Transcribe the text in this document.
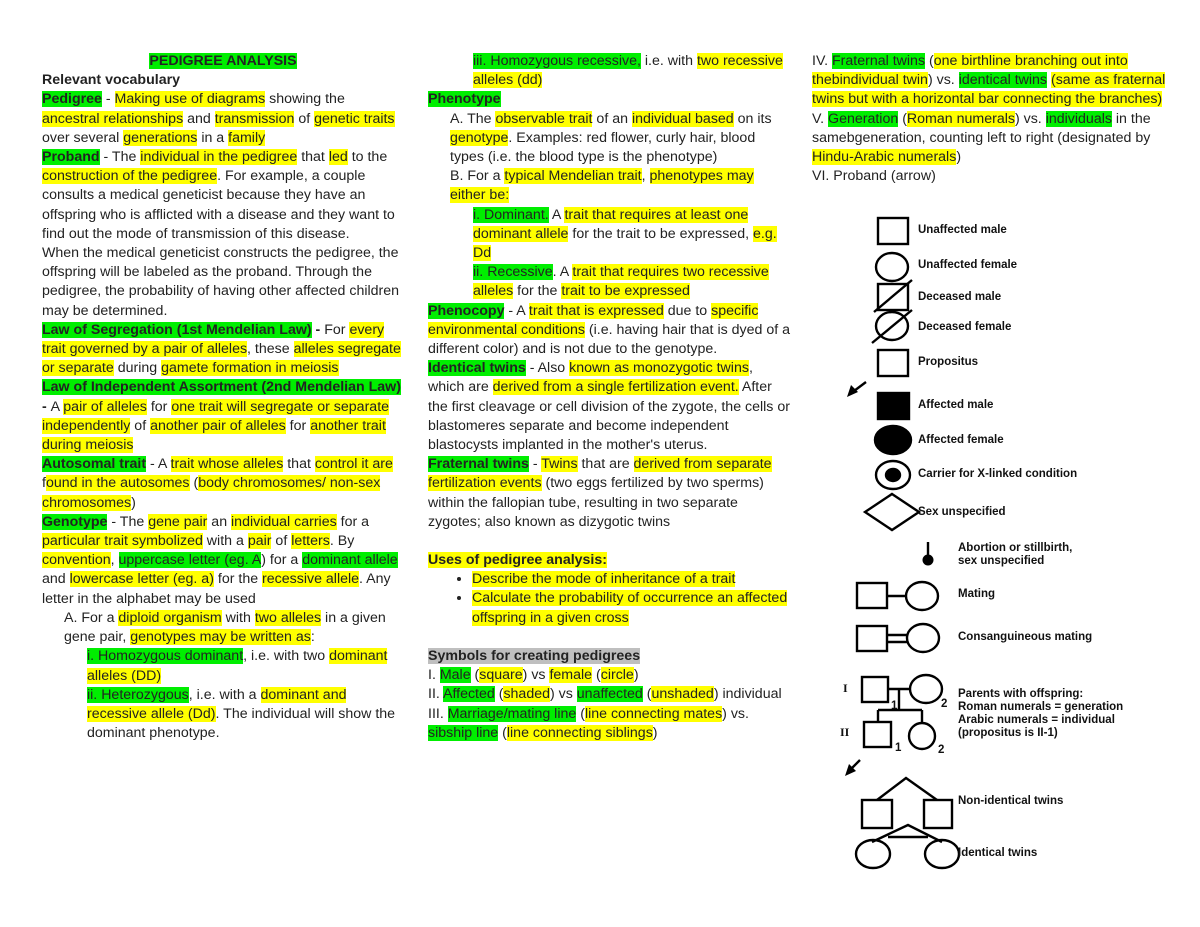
PEDIGREE ANALYSIS

Relevant vocabulary

Pedigree - Making use of diagrams showing the ancestral relationships and transmission of genetic traits over several generations in a family

Proband - The individual in the pedigree that led to the construction of the pedigree. For example, a couple consults a medical geneticist because they have an offspring who is afflicted with a disease and they want to find out the mode of transmission of this disease.

When the medical geneticist constructs the pedigree, the offspring will be labeled as the proband. Through the pedigree, the probability of having other affected children may be determined.

Law of Segregation (1st Mendelian Law) - For every trait governed by a pair of alleles, these alleles segregate or separate during gamete formation in meiosis

Law of Independent Assortment (2nd Mendelian Law) - A pair of alleles for one trait will segregate or separate independently of another pair of alleles for another trait during meiosis

Autosomal trait - A trait whose alleles that control it are found in the autosomes (body chromosomes/ non-sex chromosomes)

Genotype - The gene pair an individual carries for a particular trait symbolized with a pair of letters. By convention, uppercase letter (eg. A) for a dominant allele and lowercase letter (eg. a) for the recessive allele. Any letter in the alphabet may be used

A. For a diploid organism with two alleles in a given gene pair, genotypes may be written as:

i. Homozygous dominant, i.e. with two dominant alleles (DD)

ii. Heterozygous, i.e. with a dominant and recessive allele (Dd). The individual will show the dominant phenotype.

iii. Homozygous recessive, i.e. with two recessive alleles (dd)

Phenotype

A. The observable trait of an individual based on its genotype. Examples: red flower, curly hair, blood types (i.e. the blood type is the phenotype)

B. For a typical Mendelian trait, phenotypes may either be:

i. Dominant. A trait that requires at least one dominant allele for the trait to be expressed, e.g. Dd

ii. Recessive. A trait that requires two recessive alleles for the trait to be expressed

Phenocopy - A trait that is expressed due to specific environmental conditions (i.e. having hair that is dyed of a different color) and is not due to the genotype.

Identical twins - Also known as monozygotic twins, which are derived from a single fertilization event. After the first cleavage or cell division of the zygote, the cells or blastomeres separate and become independent blastocysts implanted in the mother's uterus.

Fraternal twins - Twins that are derived from separate fertilization events (two eggs fertilized by two sperms) within the fallopian tube, resulting in two separate zygotes; also known as dizygotic twins

Uses of pedigree analysis:

• Describe the mode of inheritance of a trait
• Calculate the probability of occurrence an affected offspring in a given cross

Symbols for creating pedigrees

I. Male (square) vs female (circle)

II. Affected (shaded) vs unaffected (unshaded) individual

III. Marriage/mating line (line connecting mates) vs. sibship line (line connecting siblings)

IV. Fraternal twins (one birthline branching out into thebindividual twin) vs. identical twins (same as fraternal twins but with a horizontal bar connecting the branches)

V. Generation (Roman numerals) vs. individuals in the samebgeneration, counting left to right (designated by Hindu-Arabic numerals)

VI. Proband (arrow)

Unaffected male
Unaffected female
Deceased male
Deceased female
Propositus
Affected male
Affected female
Carrier for X-linked condition
Sex unspecified
Abortion or stillbirth,
sex unspecified
Mating
Consanguineous mating
Parents with offspring:
Roman numerals = generation
Arabic numerals = individual
(propositus is II-1)
I
II
1	2
1	2
Non-identical twins
Identical twins
